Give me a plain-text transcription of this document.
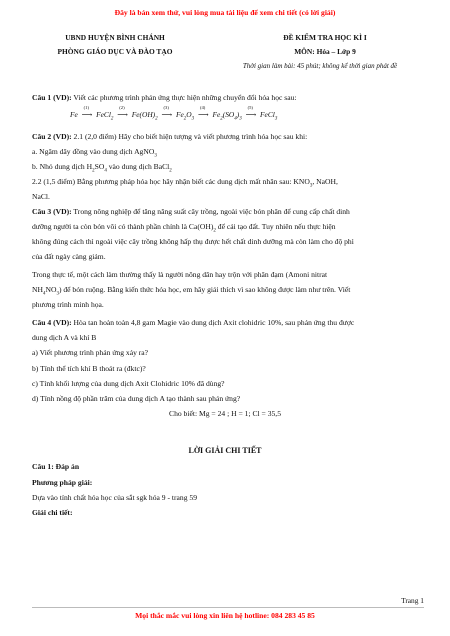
Đây là bản xem thử, vui lòng mua tài liệu để xem chi tiết (có lời giải)
UBND HUYỆN BÌNH CHÁNH
PHÒNG GIÁO DỤC VÀ ĐÀO TẠO
ĐỀ KIỂM TRA HỌC KÌ I
MÔN: Hóa – Lớp 9
Thời gian làm bài: 45 phút; không kể thời gian phát đề
Câu 1 (VD): Viết các phương trình phản ứng thực hiện những chuyển đổi hóa học sau:
Fe ⟶
(1)
FeCl$_2$ ⟶
(2)
$Fe(OH)_2$ ⟶
(3)
$Fe_2O_3$ ⟶
(4)
$Fe_2(SO_4)_3$ ⟶
(5)
FeCl$_3$
Câu 2 (VD): 2.1 (2,0 điểm) Hãy cho biết hiện tượng và viết phương trình hóa học sau khi:
a. Ngâm dây đồng vào dung dịch AgNO$_3$
b. Nhỏ dung dịch $H_2SO_4$ vào dung dịch BaCl$_2$
2.2 (1,5 điểm) Bằng phương pháp hóa học hãy nhận biết các dung dịch mất nhãn sau: $KNO_3$, NaOH,
NaCl.
Câu 3 (VD): Trong nông nghiệp để tăng năng suất cây trồng, ngoài việc bón phân để cung cấp chất dinh
dưỡng người ta còn bón vôi có thành phần chính là $Ca(OH)_2$ để cải tạo đất. Tuy nhiên nếu thực hiện
không đúng cách thì ngoài việc cây trồng không hấp thụ được hết chất dinh dưỡng mà còn làm cho độ phì
của đất ngày càng giảm.
Trong thực tế, một cách làm thường thấy là người nông dân hay trộn với phân đạm (Amoni nitrat
$NH_4NO_3$) để bón ruộng. Bằng kiến thức hóa học, em hãy giải thích vì sao không được làm như trên. Viết
phương trình minh họa.
Câu 4 (VD): Hòa tan hoàn toàn 4,8 gam Magie vào dung dịch Axit clohidric 10%, sau phản ứng thu được
dung dịch A và khí B
a) Viết phương trình phản ứng xảy ra?
b) Tính thể tích khí B thoát ra (đktc)?
c) Tính khối lượng của dung dịch Axit Clohidric 10% đã dùng?
d) Tính nồng độ phần trăm của dung dịch A tạo thành sau phản ứng?
Cho biết: Mg = 24 ; H = 1; Cl = 35,5
LỜI GIẢI CHI TIẾT
Câu 1: Đáp án
Phương pháp giải:
Dựa vào tính chất hóa học của sắt sgk hóa 9 - trang 59
Giải chi tiết:
Trang 1
Mọi thắc mắc vui lòng xin liên hệ hotline: 084 283 45 85
